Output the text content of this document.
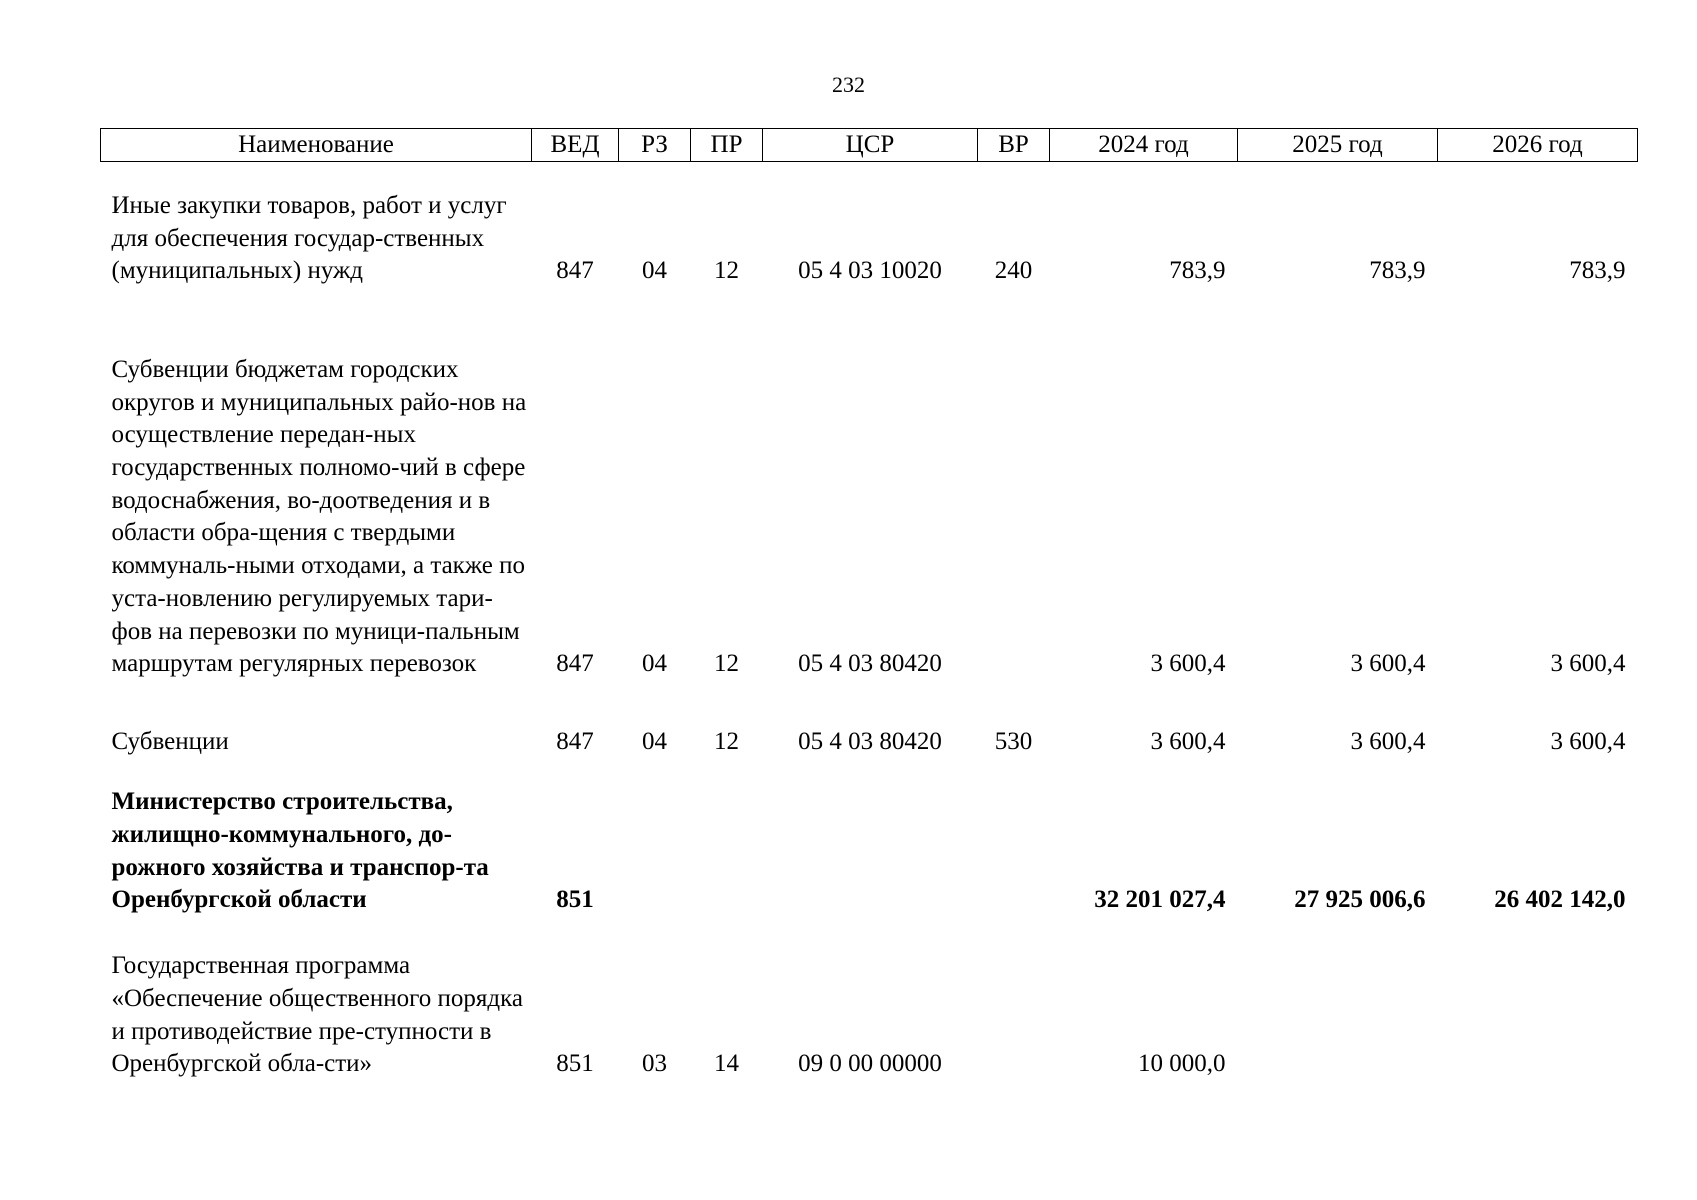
232
Наименование	ВЕД	РЗ	ПР	ЦСР	ВР	2024 год	2025 год	2026 год
Иные закупки товаров, работ и услуг для обеспечения государ-ственных (муниципальных) нужд	847	04	12	05 4 03 10020	240	783,9	783,9	783,9
Субвенции бюджетам городских округов и муниципальных райо-нов на осуществление передан-ных государственных полномо-чий в сфере водоснабжения, во-доотведения и в области обра-щения с твердыми коммуналь-ными отходами, а также по уста-новлению регулируемых тари-фов на перевозки по муници-пальным маршрутам регулярных перевозок	847	04	12	05 4 03 80420		3 600,4	3 600,4	3 600,4
Субвенции	847	04	12	05 4 03 80420	530	3 600,4	3 600,4	3 600,4
Министерство строительства, жилищно-коммунального, до-рожного хозяйства и транспор-та Оренбургской области	851					32 201 027,4	27 925 006,6	26 402 142,0
Государственная программа «Обеспечение общественного порядка и противодействие пре-ступности в Оренбургской обла-сти»	851	03	14	09 0 00 00000		10 000,0		
